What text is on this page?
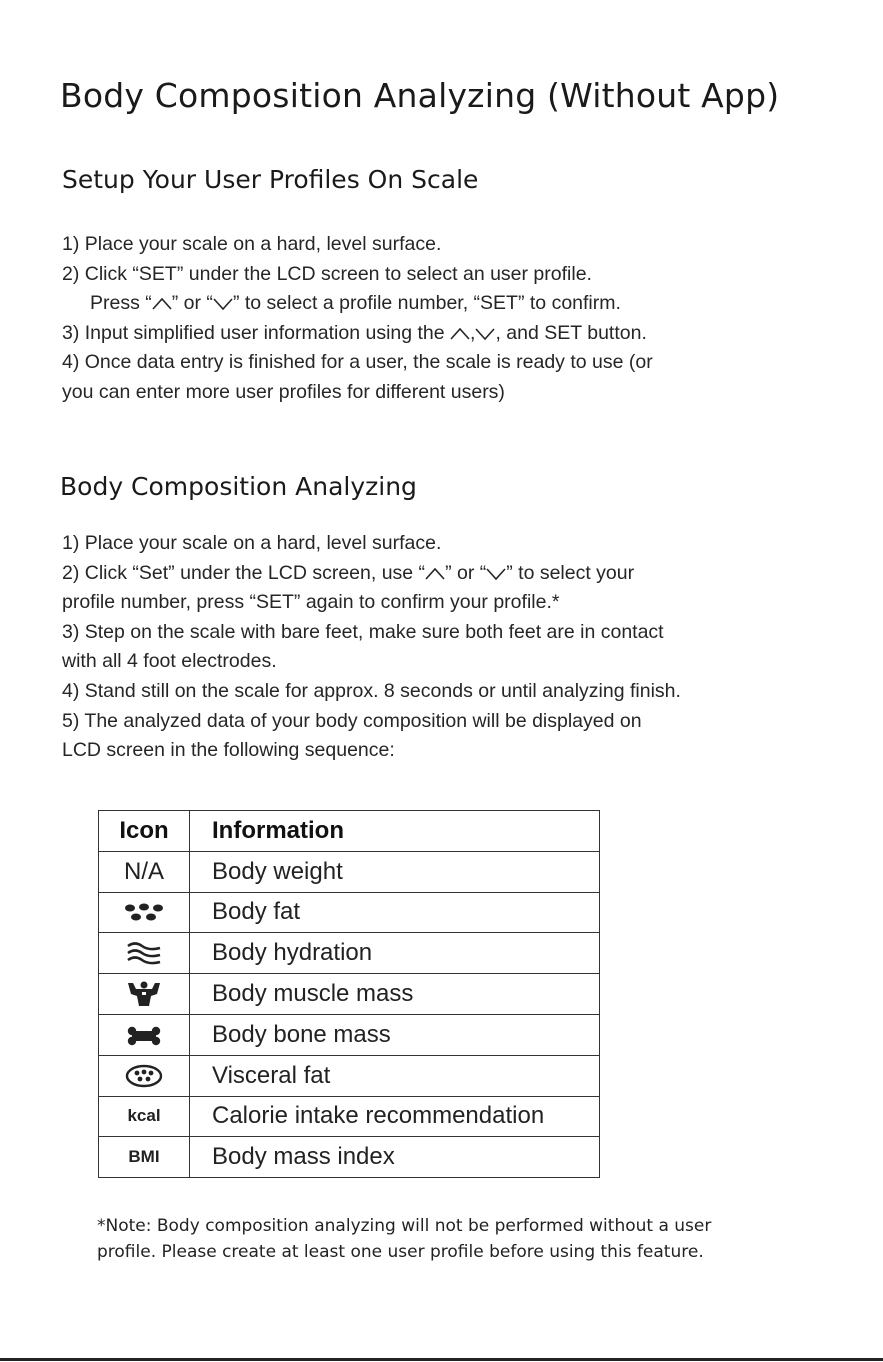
Body Composition Analyzing (Without App)
Setup Your User Profiles On Scale
1) Place your scale on a hard, level surface.
2) Click “SET” under the LCD screen to select an user profile.
Press “ ” or “ ” to select a profile number, “SET” to confirm.
3) Input simplified user information using the
, , and SET button.
4) Once data entry is finished for a user, the scale is ready to use (or
you can enter more user profiles for different users)
Body Composition Analyzing
1) Place your scale on a hard, level surface.
2) Click “Set” under the LCD screen, use “ ” or “ ” to select your
profile number, press “SET” again to confirm your profile.*
3) Step on the scale with bare feet, make sure both feet are in contact
with all 4 foot electrodes.
4) Stand still on the scale for approx. 8 seconds or until analyzing finish.
5) The analyzed data of your body composition will be displayed on
LCD screen in the following sequence:
Icon	Information
N/A	Body weight
	Body fat
	Body hydration
	Body muscle mass
	Body bone mass
	Visceral fat
kcal	Calorie intake recommendation
BMI	Body mass index

*Note: Body composition analyzing will not be performed without a user
profile. Please create at least one user profile before using this feature.
